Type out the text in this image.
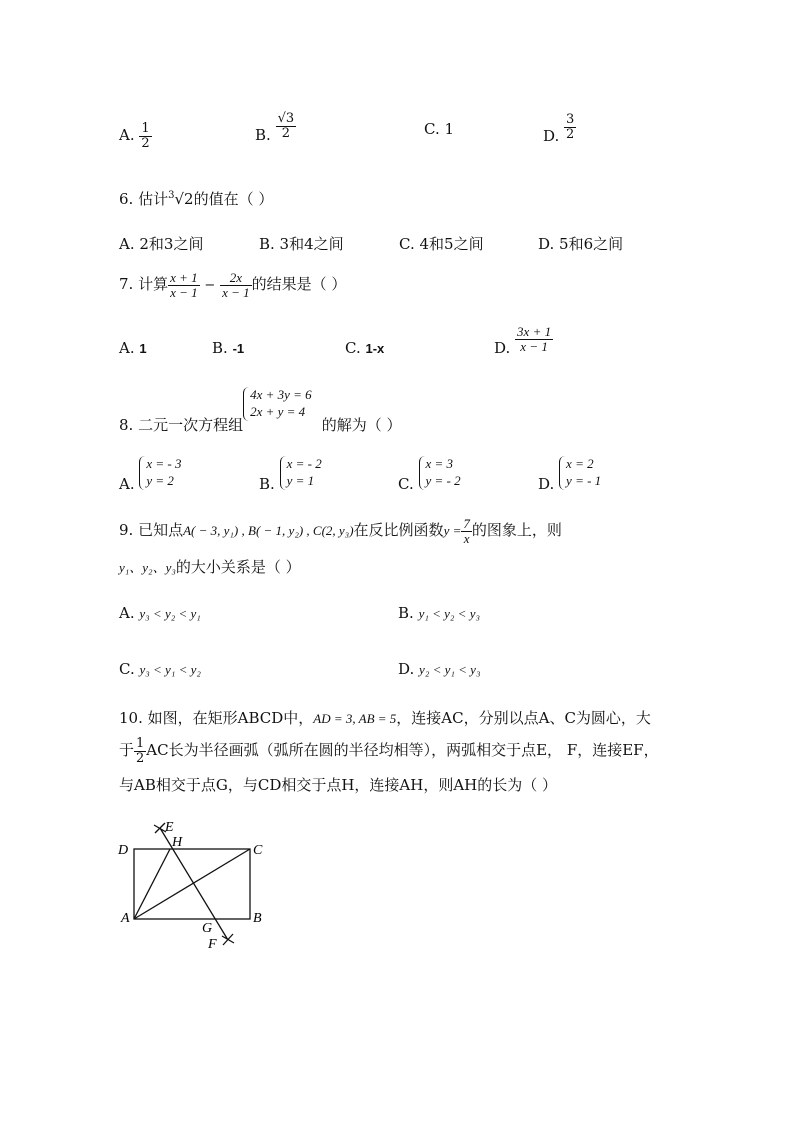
A. $\frac{1}{2}$	B. $\frac{√3}{2}$	C. 1	D. $\frac{3}{2}$
6. 估计$^3$√2的值在（ ）
A. 2和3之间	B. 3和4之间	C. 4和5之间	D. 5和6之间
7. 计算 $\frac{x + 1}{x - 1} - \frac{2x}{x - 1}$ 的结果是（ ）
A. 1	B. -1	C. 1-x	D. $\frac{3x + 1}{x - 1}$
8. 二元一次方程组
4x + 3y = 6
2x + y = 4
的解为（ ）
A.
x = - 3
y = 2	B.
x = - 2
y = 1	C.
x = 3
y = - 2	D.
x = 2
y = - 1
9. 已知点A( − 3, y₁) , B( − 1, y₂) , C(2, y₃)在反比例函数$y = \frac{7}{x}$ 的图象上，则
y₁、y₂、y₃的大小关系是（ ）
A. y₃ < y₂ < y₁	B. y₁ < y₂ < y₃
C. y₃ < y₁ < y₂	D. y₂ < y₁ < y₃
10. 如图，在矩形ABCD中，AD = 3, AB = 5，连接AC，分别以点A、C为圆心，大
于 $\frac{1}{2}$ AC长为半径画弧（弧所在圆的半径均相等），两弧相交于点E， F，连接EF，
与AB相交于点G，与CD相交于点H，连接AH，则AH的长为（ ）
D	C
A	B
E
H
G
F
